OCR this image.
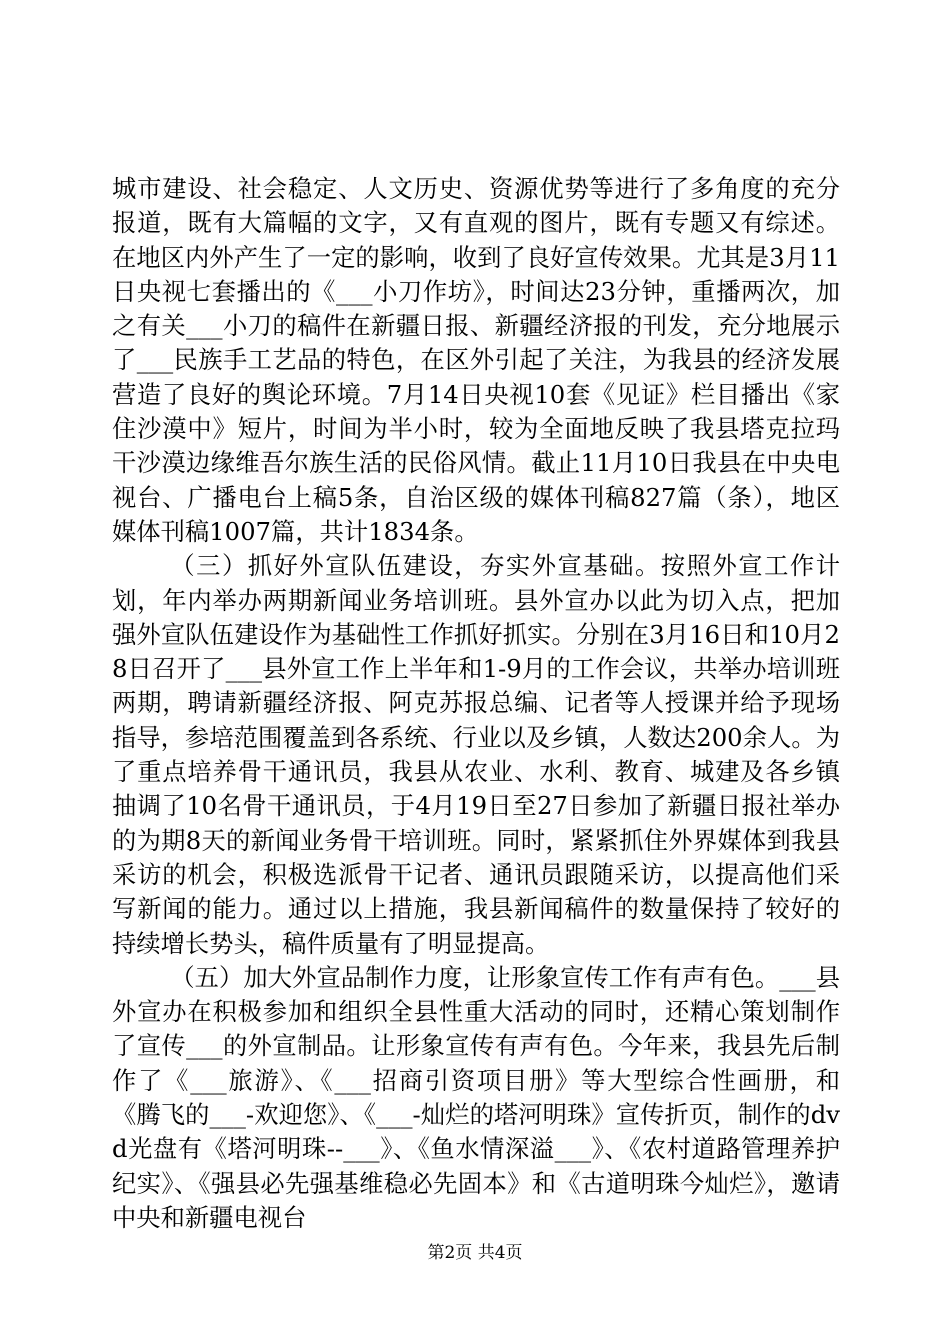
城市建设、社会稳定、人文历史、资源优势等进行了多角度的充分报道，既有大篇幅的文字，又有直观的图片，既有专题又有综述。在地区内外产生了一定的影响，收到了良好宣传效果。尤其是3月11日央视七套播出的《___小刀作坊》，时间达23分钟，重播两次，加之有关___小刀的稿件在新疆日报、新疆经济报的刊发，充分地展示了___民族手工艺品的特色，在区外引起了关注，为我县的经济发展营造了良好的舆论环境。7月14日央视10套《见证》栏目播出《家住沙漠中》短片，时间为半小时，较为全面地反映了我县塔克拉玛干沙漠边缘维吾尔族生活的民俗风情。截止11月10日我县在中央电视台、广播电台上稿5条，自治区级的媒体刊稿827篇（条），地区媒体刊稿1007篇，共计1834条。

（三）抓好外宣队伍建设，夯实外宣基础。按照外宣工作计划，年内举办两期新闻业务培训班。县外宣办以此为切入点，把加强外宣队伍建设作为基础性工作抓好抓实。分别在3月16日和10月28日召开了___县外宣工作上半年和1-9月的工作会议，共举办培训班两期，聘请新疆经济报、阿克苏报总编、记者等人授课并给予现场指导，参培范围覆盖到各系统、行业以及乡镇，人数达200余人。为了重点培养骨干通讯员，我县从农业、水利、教育、城建及各乡镇抽调了10名骨干通讯员，于4月19日至27日参加了新疆日报社举办的为期8天的新闻业务骨干培训班。同时，紧紧抓住外界媒体到我县采访的机会，积极选派骨干记者、通讯员跟随采访，以提高他们采写新闻的能力。通过以上措施，我县新闻稿件的数量保持了较好的持续增长势头，稿件质量有了明显提高。

（五）加大外宣品制作力度，让形象宣传工作有声有色。___县外宣办在积极参加和组织全县性重大活动的同时，还精心策划制作了宣传___的外宣制品。让形象宣传有声有色。今年来，我县先后制作了《___旅游》、《___招商引资项目册》等大型综合性画册，和《腾飞的___-欢迎您》、《___-灿烂的塔河明珠》宣传折页，制作的dvd光盘有《塔河明珠--___》、《鱼水情深溢___》、《农村道路管理养护纪实》、《强县必先强基维稳必先固本》和《古道明珠今灿烂》，邀请中央和新疆电视台

第2页 共4页
